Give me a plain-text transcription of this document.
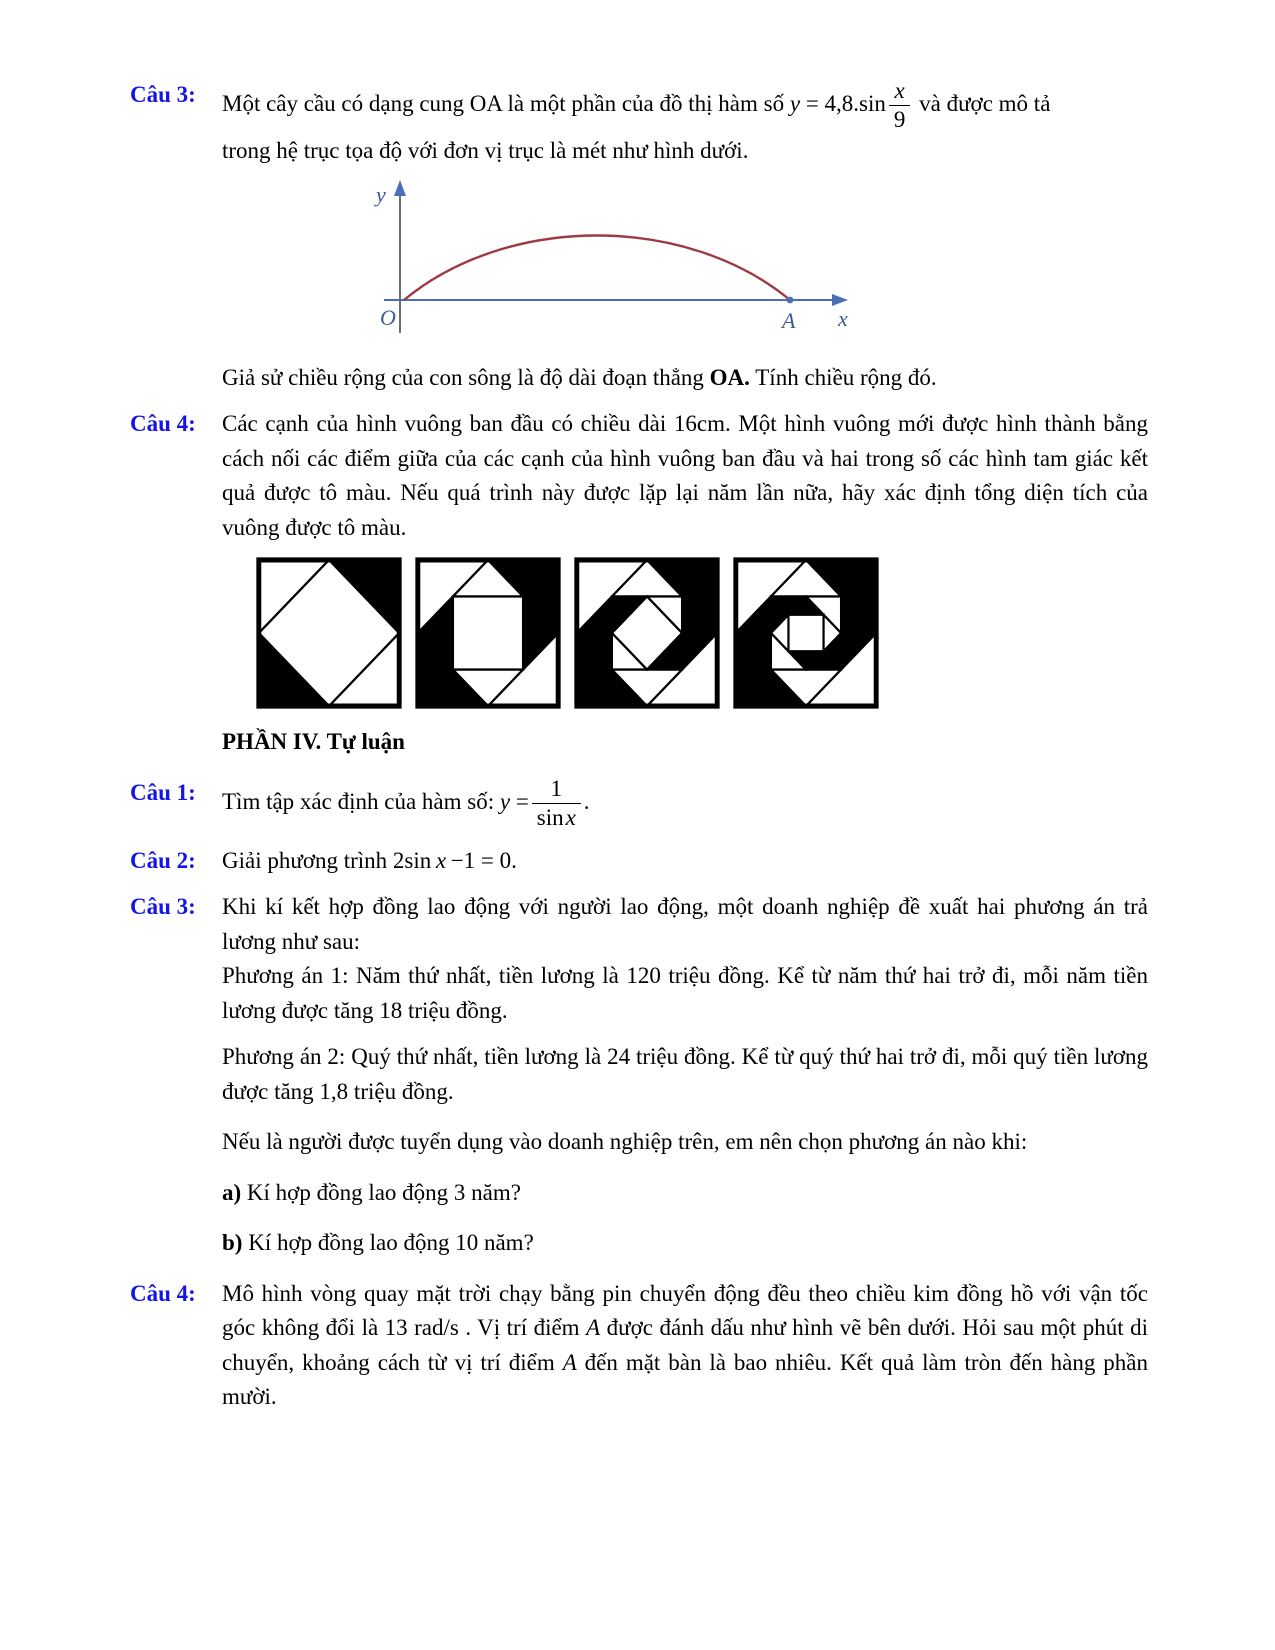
Câu 3:	Một cây cầu có dạng cung OA là một phần của đồ thị hàm số $y = 4,8.\sin \frac{x}{9}$ và được mô tả
trong hệ trục tọa độ với đơn vị trục là mét như hình dưới.
y
O	A x
Giả sử chiều rộng của con sông là độ dài đoạn thẳng OA. Tính chiều rộng đó.
Câu 4:	Các cạnh của hình vuông ban đầu có chiều dài 16cm. Một hình vuông mới được hình thành bằng cách nối các điểm giữa của các cạnh của hình vuông ban đầu và hai trong số các hình tam giác kết quả được tô màu. Nếu quá trình này được lặp lại năm lần nữa, hãy xác định tổng diện tích của vuông được tô màu.
PHẦN IV. Tự luận
Câu 1:	Tìm tập xác định của hàm số: $y = \frac{1}{\text{sin x}}$ .
Câu 2:	Giải phương trình 2sin  x  −1 = 0.
Câu 3:	Khi kí kết hợp đồng lao động với người lao động, một doanh nghiệp đề xuất hai phương án trả lương như sau:

Phương án 1: Năm thứ nhất, tiền lương là 120 triệu đồng. Kể từ năm thứ hai trở đi, mỗi năm tiền lương được tăng 18 triệu đồng.

Phương án 2: Quý thứ nhất, tiền lương là 24 triệu đồng. Kể từ quý thứ hai trở đi, mỗi quý tiền lương được tăng 1,8 triệu đồng.

Nếu là người được tuyển dụng vào doanh nghiệp trên, em nên chọn phương án nào khi:

a) Kí hợp đồng lao động 3 năm?

b) Kí hợp đồng lao động 10 năm?

Câu 4:	Mô hình vòng quay mặt trời chạy bằng pin chuyển động đều theo chiều kim đồng hồ với vận tốc góc không đổi là 13 rad/s . Vị trí điểm A được đánh dấu như hình vẽ bên dưới. Hỏi sau một phút di chuyển, khoảng cách từ vị trí điểm A đến mặt bàn là bao nhiêu. Kết quả làm tròn đến hàng phần mười.
